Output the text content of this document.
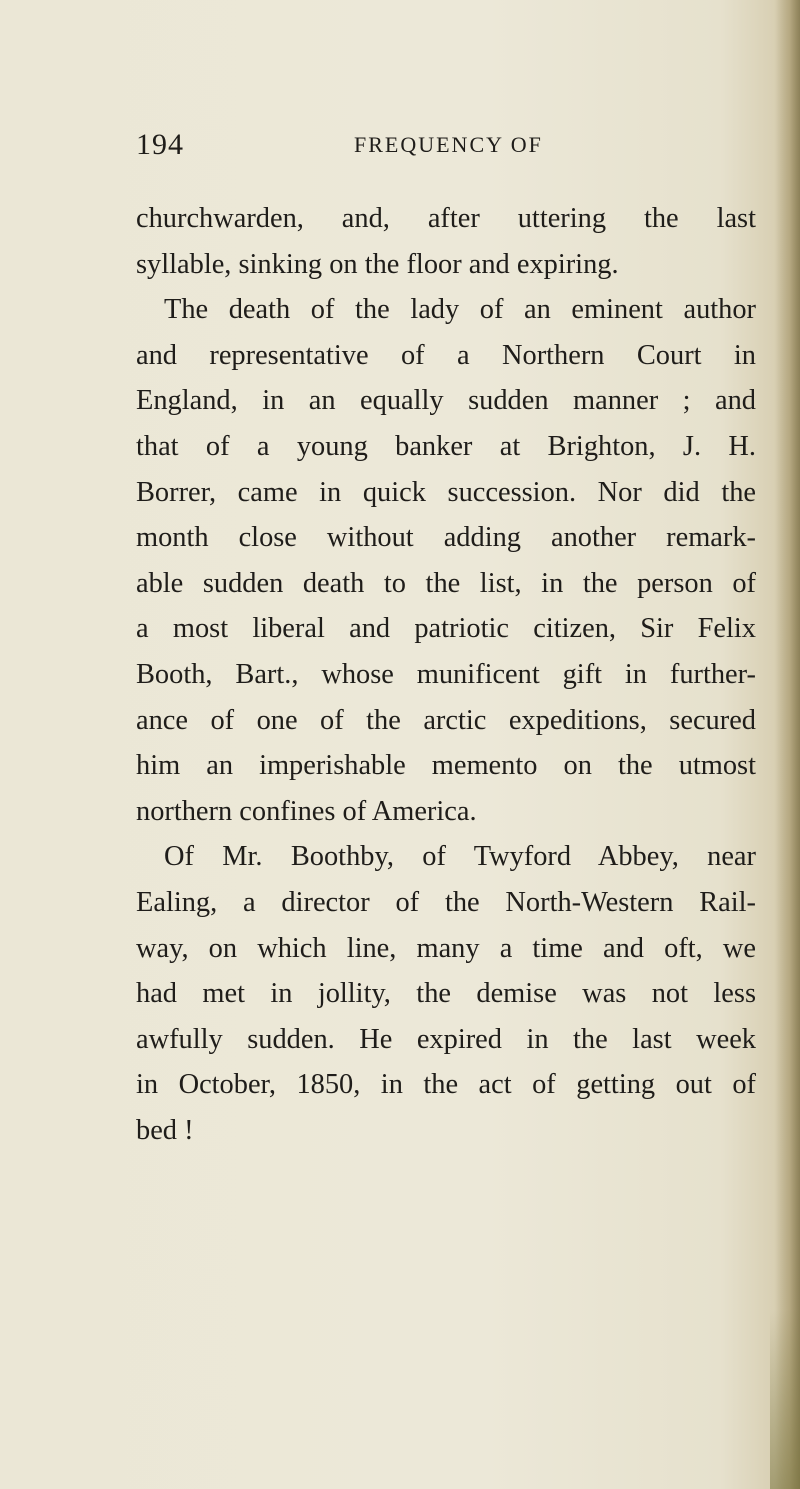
194	FREQUENCY OF
churchwarden, and, after uttering the last
syllable, sinking on the floor and expiring.
The death of the lady of an eminent author
and representative of a Northern Court in
England, in an equally sudden manner ; and
that of a young banker at Brighton, J. H.
Borrer, came in quick succession. Nor did the
month close without adding another remark-
able sudden death to the list, in the person of
a most liberal and patriotic citizen, Sir Felix
Booth, Bart., whose munificent gift in further-
ance of one of the arctic expeditions, secured
him an imperishable memento on the utmost
northern confines of America.
Of Mr. Boothby, of Twyford Abbey, near
Ealing, a director of the North-Western Rail-
way, on which line, many a time and oft, we
had met in jollity, the demise was not less
awfully sudden. He expired in the last week
in October, 1850, in the act of getting out of
bed !
